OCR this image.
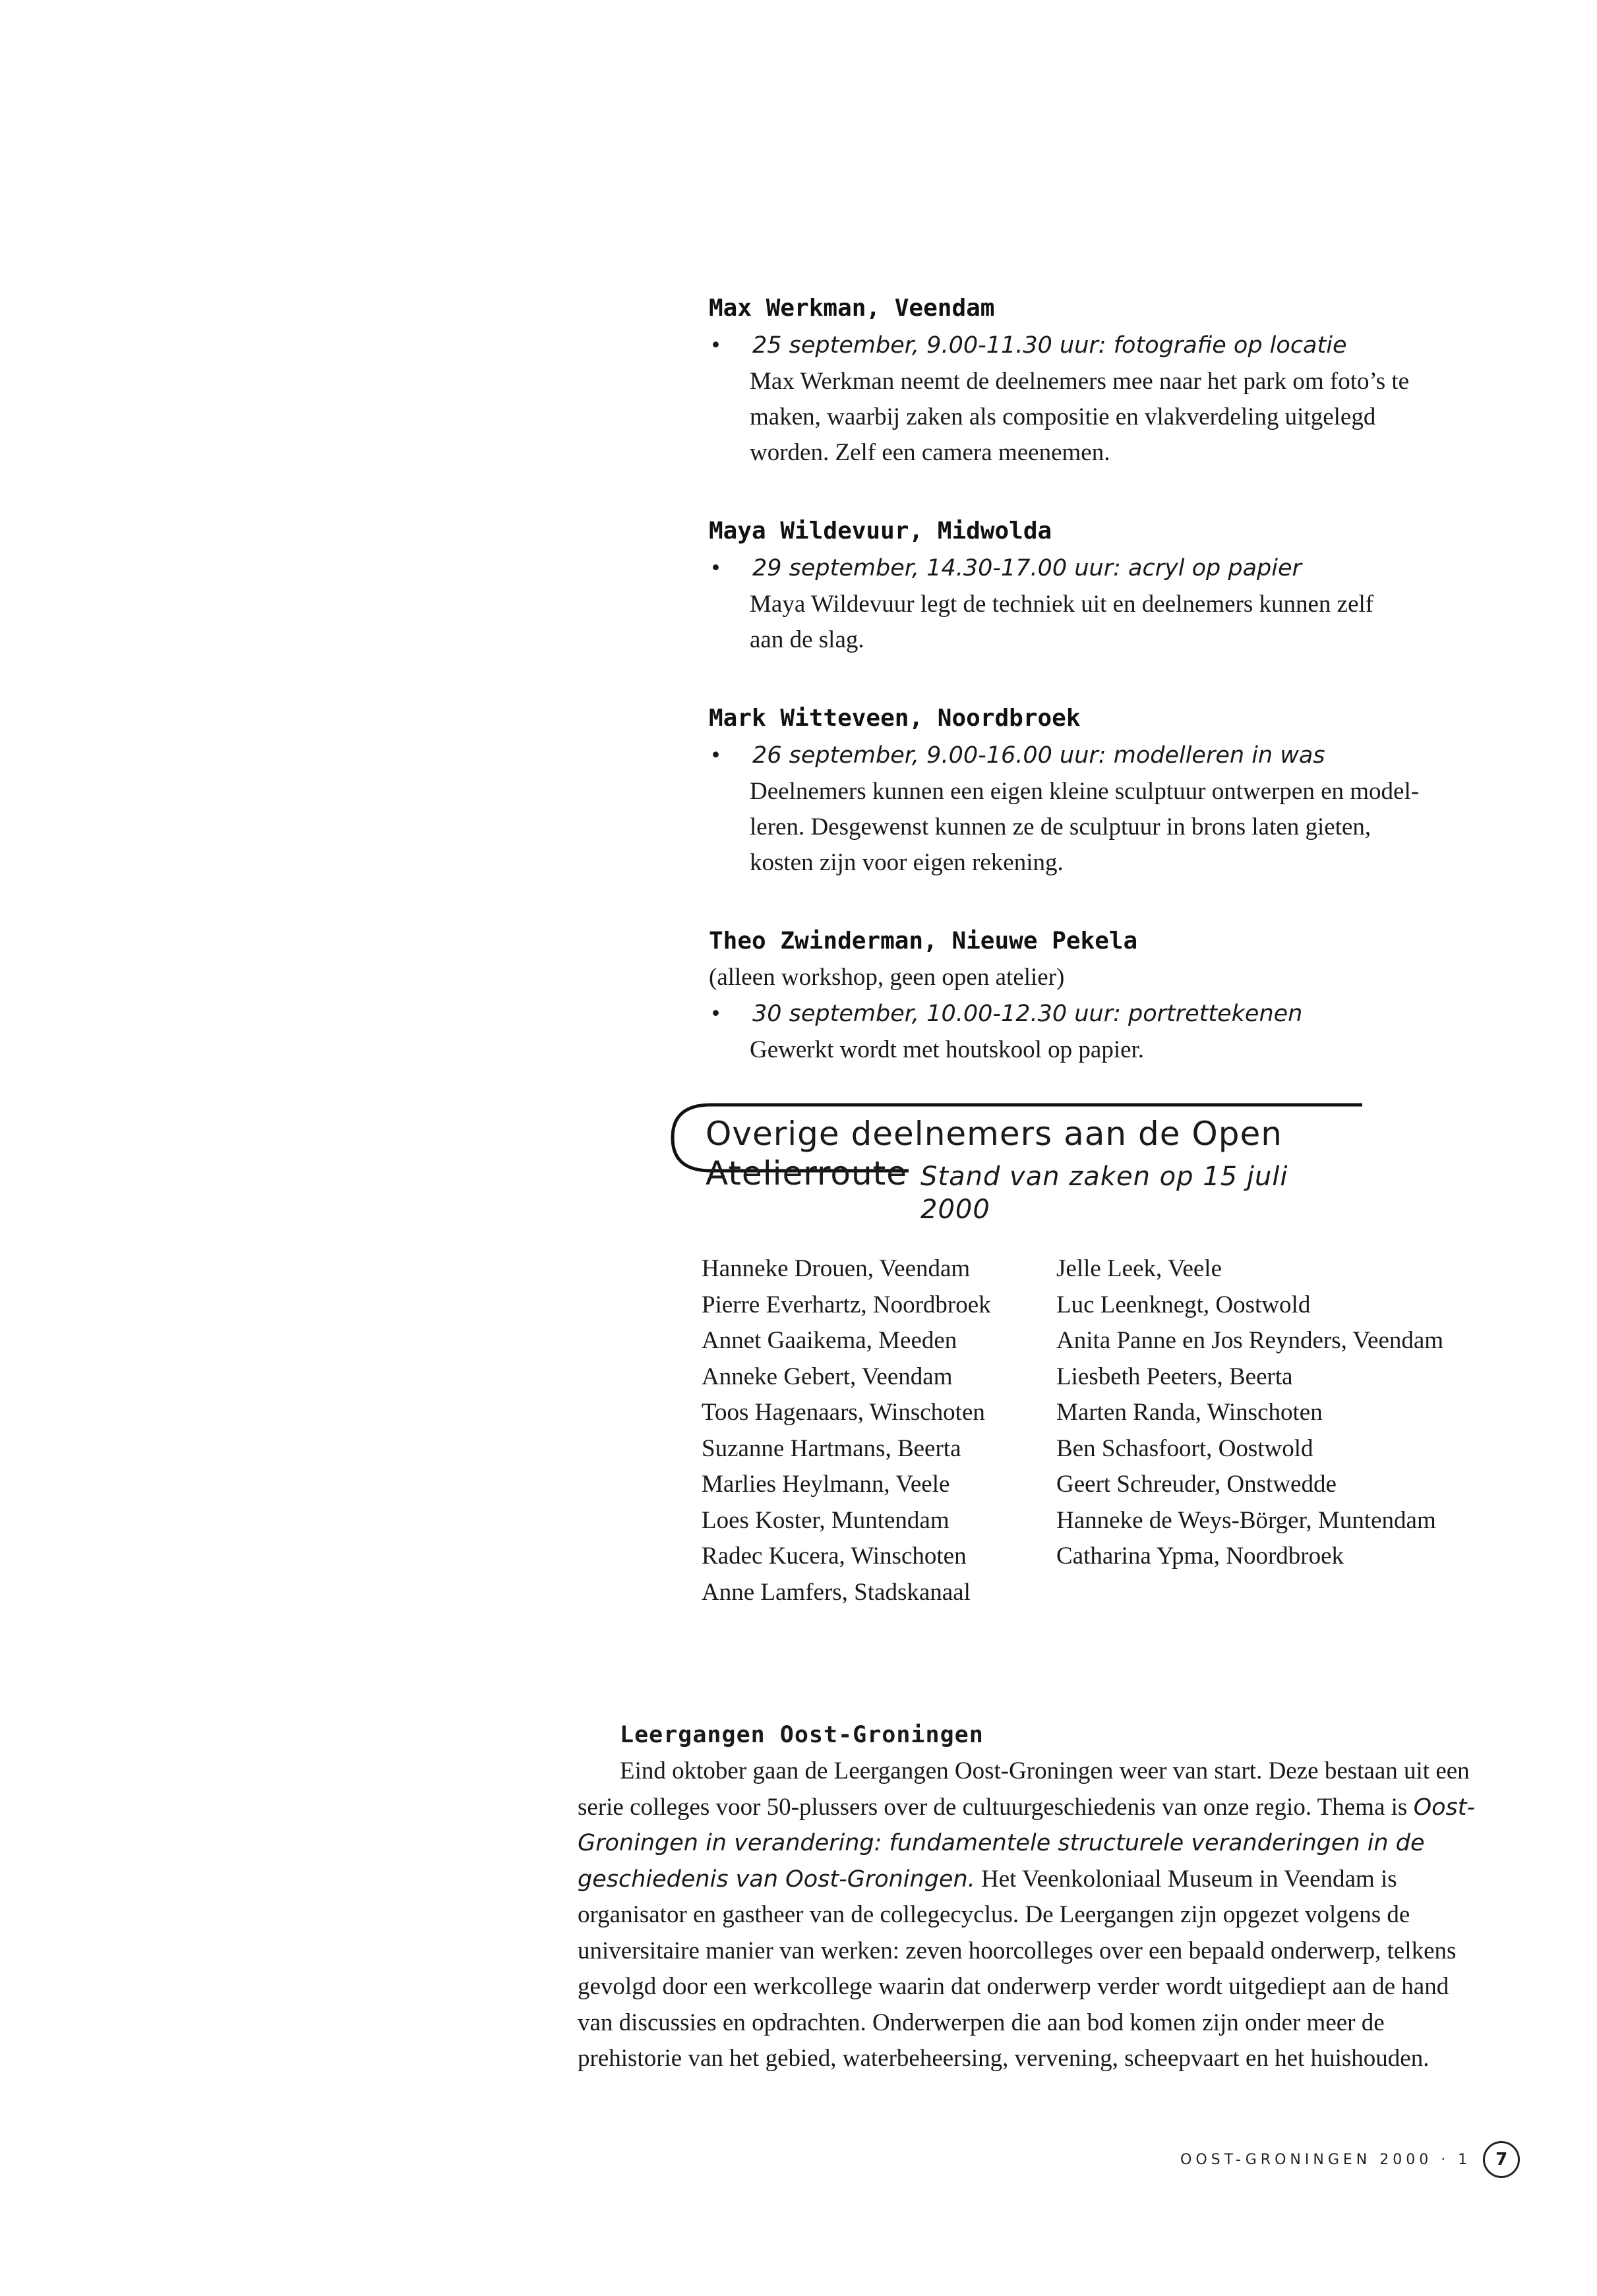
Max Werkman, Veendam
•	25 september, 9.00-11.30 uur: fotografie op locatie
Max Werkman neemt de deelnemers mee naar het park om foto’s te
maken, waarbij zaken als compositie en vlakverdeling uitgelegd
worden. Zelf een camera meenemen.
Maya Wildevuur, Midwolda
•	29 september, 14.30-17.00 uur: acryl op papier
Maya Wildevuur legt de techniek uit en deelnemers kunnen zelf
aan de slag.
Mark Witteveen, Noordbroek
•	26 september, 9.00-16.00 uur: modelleren in was
Deelnemers kunnen een eigen kleine sculptuur ontwerpen en model-
leren. Desgewenst kunnen ze de sculptuur in brons laten gieten,
kosten zijn voor eigen rekening.
Theo Zwinderman, Nieuwe Pekela
(alleen workshop, geen open atelier)
•	30 september, 10.00-12.30 uur: portrettekenen
Gewerkt wordt met houtskool op papier.
Overige deelnemers aan de Open Atelierroute Stand van zaken op 15 juli 2000
Hanneke Drouen, Veendam
Pierre Everhartz, Noordbroek
Annet Gaaikema, Meeden
Anneke Gebert, Veendam
Toos Hagenaars, Winschoten
Suzanne Hartmans, Beerta
Marlies Heylmann, Veele
Loes Koster, Muntendam
Radec Kucera, Winschoten
Anne Lamfers, Stadskanaal
Jelle Leek, Veele
Luc Leenknegt, Oostwold
Anita Panne en Jos Reynders, Veendam
Liesbeth Peeters, Beerta
Marten Randa, Winschoten
Ben Schasfoort, Oostwold
Geert Schreuder, Onstwedde
Hanneke de Weys-Börger, Muntendam
Catharina Ypma, Noordbroek
Leergangen Oost-Groningen

Eind oktober gaan de Leergangen Oost-Groningen weer van start. Deze bestaan uit een serie colleges voor 50-plussers over de cultuurgeschiedenis van onze regio. Thema is Oost-Groningen in verandering: fundamentele structurele veranderingen in de geschiedenis van Oost-Groningen. Het Veenkoloniaal Museum in Veendam is organisator en gastheer van de collegecyclus. De Leergangen zijn opgezet volgens de universitaire manier van werken: zeven hoorcolleges over een bepaald onderwerp, telkens gevolgd door een werkcollege waarin dat onderwerp verder wordt uitgediept aan de hand van discussies en opdrachten. Onderwerpen die aan bod komen zijn onder meer de prehistorie van het gebied, waterbeheersing, vervening, scheepvaart en het huishouden.

OOST-GRONINGEN 2000 · 1	7
